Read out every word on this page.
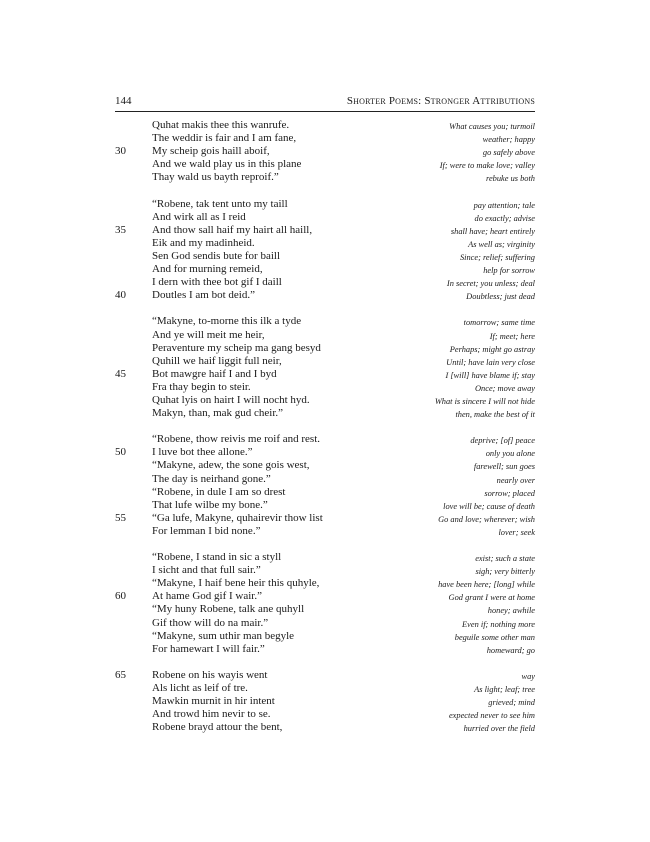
144	Shorter Poems: Stronger Attributions
Quhat makis thee this wanrufe.	What causes you; turmoil
The weddir is fair and I am fane,	weather; happy
30 My scheip gois haill aboif,	go safely above
And we wald play us in this plane	If; were to make love; valley
Thay wald us bayth reproif.”	rebuke us both
“Robene, tak tent unto my taill	pay attention; tale
And wirk all as I reid	do exactly; advise
35 And thow sall haif my hairt all haill,	shall have; heart entirely
Eik and my madinheid.	As well as; virginity
Sen God sendis bute for baill	Since; relief; suffering
And for murning remeid,	help for sorrow
I dern with thee bot gif I daill	In secret; you unless; deal
40 Doutles I am bot deid.”	Doubtless; just dead
“Makyne, to-morne this ilk a tyde	tomorrow; same time
And ye will meit me heir,	If; meet; here
Peraventure my scheip ma gang besyd	Perhaps; might go astray
Quhill we haif liggit full neir,	Until; have lain very close
45 Bot mawgre haif I and I byd	I [will] have blame if; stay
Fra thay begin to steir.	Once; move away
Quhat lyis on hairt I will nocht hyd.	What is sincere I will not hide
Makyn, than, mak gud cheir.”	then, make the best of it
“Robene, thow reivis me roif and rest.	deprive; [of] peace
50 I luve bot thee allone.”	only you alone
“Makyne, adew, the sone gois west,	farewell; sun goes
The day is neirhand gone.”	nearly over
“Robene, in dule I am so drest	sorrow; placed
That lufe wilbe my bone.”	love will be; cause of death
55 “Ga lufe, Makyne, quhairevir thow list	Go and love; wherever; wish
For lemman I bid none.”	lover; seek
“Robene, I stand in sic a styll	exist; such a state
I sicht and that full sair.”	sigh; very bitterly
“Makyne, I haif bene heir this quhyle,	have been here; [long] while
60 At hame God gif I wair.”	God grant I were at home
“My huny Robene, talk ane quhyll	honey; awhile
Gif thow will do na mair.”	Even if; nothing more
“Makyne, sum uthir man begyle	beguile some other man
For hamewart I will fair.”	homeward; go
65 Robene on his wayis went	way
Als licht as leif of tre.	As light; leaf; tree
Mawkin murnit in hir intent	grieved; mind
And trowd him nevir to se.	expected never to see him
Robene brayd attour the bent,	hurried over the field
